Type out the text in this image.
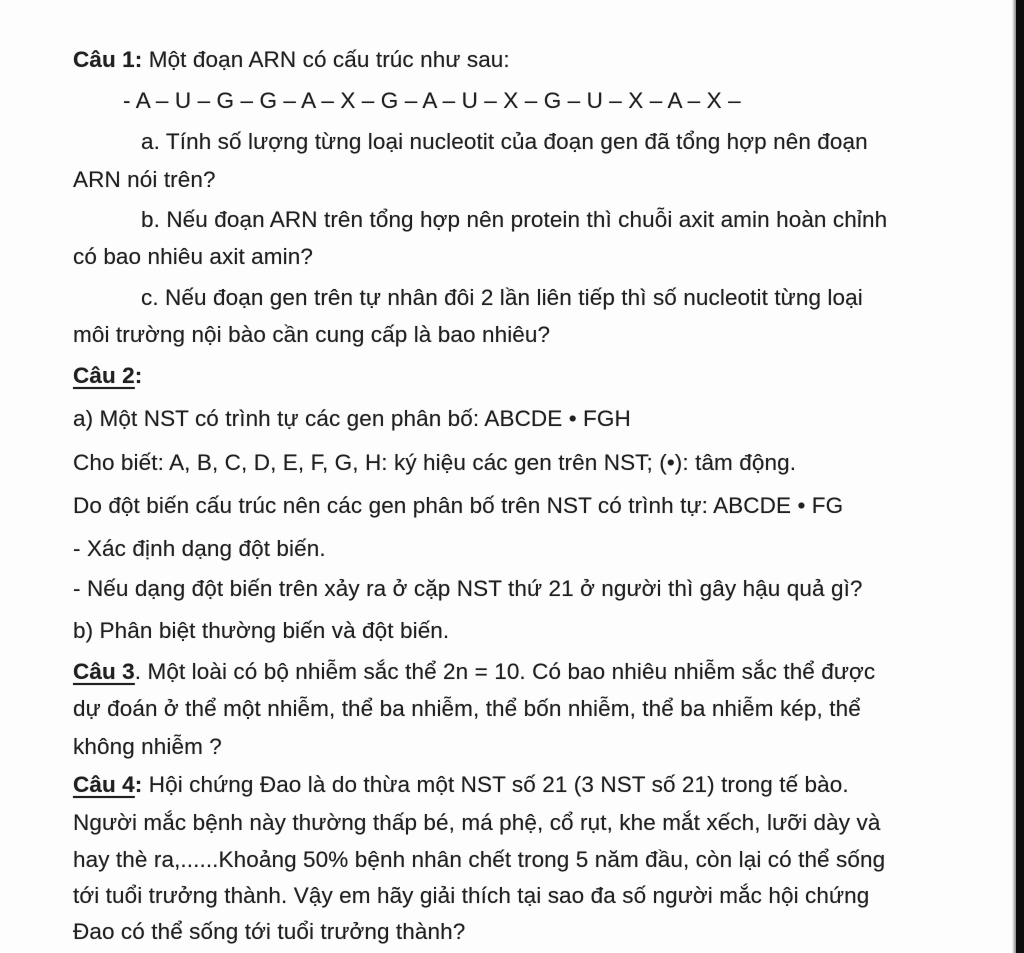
Câu 1: Một đoạn ARN có cấu trúc như sau:
- A – U – G – G – A – X – G – A – U – X – G – U – X – A – X –
a. Tính số lượng từng loại nucleotit của đoạn gen đã tổng hợp nên đoạn
ARN nói trên?
b. Nếu đoạn ARN trên tổng hợp nên protein thì chuỗi axit amin hoàn chỉnh
có bao nhiêu axit amin?
c. Nếu đoạn gen trên tự nhân đôi 2 lần liên tiếp thì số nucleotit từng loại
môi trường nội bào cần cung cấp là bao nhiêu?
Câu 2:
a) Một NST có trình tự các gen phân bố: ABCDE • FGH
Cho biết: A, B, C, D, E, F, G, H: ký hiệu các gen trên NST; (•): tâm động.
Do đột biến cấu trúc nên các gen phân bố trên NST có trình tự: ABCDE • FG
- Xác định dạng đột biến.
- Nếu dạng đột biến trên xảy ra ở cặp NST thứ 21 ở người thì gây hậu quả gì?
b) Phân biệt thường biến và đột biến.
Câu 3. Một loài có bộ nhiễm sắc thể 2n = 10. Có bao nhiêu nhiễm sắc thể được
dự đoán ở thể một nhiễm, thể ba nhiễm, thể bốn nhiễm, thể ba nhiễm kép, thể
không nhiễm ?
Câu 4: Hội chứng Đao là do thừa một NST số 21 (3 NST số 21) trong tế bào.
Người mắc bệnh này thường thấp bé, má phệ, cổ rụt, khe mắt xếch, lưỡi dày và
hay thè ra,......Khoảng 50% bệnh nhân chết trong 5 năm đầu, còn lại có thể sống
tới tuổi trưởng thành. Vậy em hãy giải thích tại sao đa số người mắc hội chứng
Đao có thể sống tới tuổi trưởng thành?
